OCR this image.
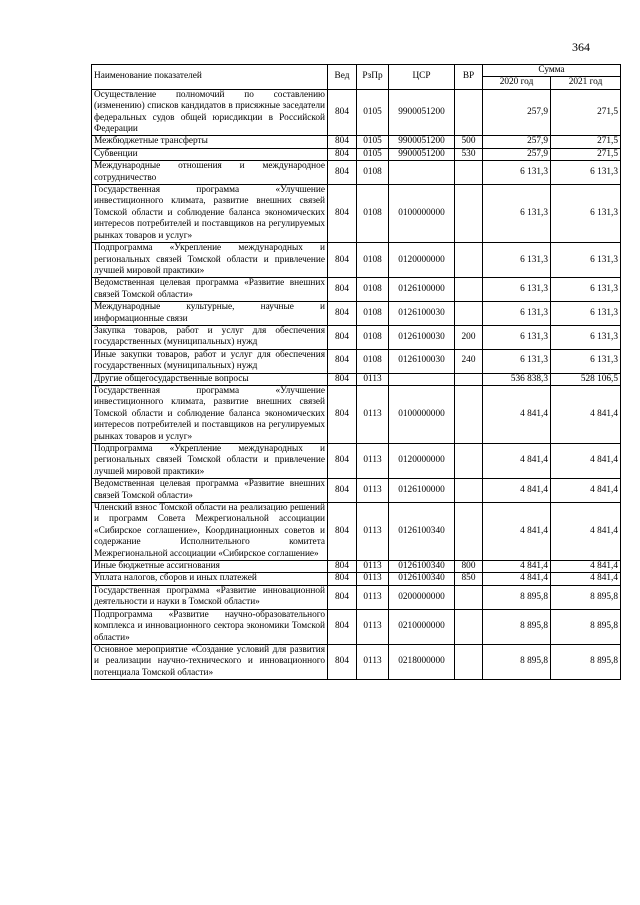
364
Наименование показателей	Вед	РзПр	ЦСР	ВР	Сумма	
					2020 год	2021 год
Осуществление полномочий по составлению (изменению) списков кандидатов в присяжные заседатели федеральных судов общей юрисдикции в Российской Федерации	804	0105	9900051200		257,9	271,5
Межбюджетные трансферты	804	0105	9900051200	500	257,9	271,5
Субвенции	804	0105	9900051200	530	257,9	271,5
Международные отношения и международное сотрудничество	804	0108			6 131,3	6 131,3
Государственная программа «Улучшение инвестиционного климата, развитие внешних связей Томской области и соблюдение баланса экономических интересов потребителей и поставщиков на регулируемых рынках товаров и услуг»	804	0108	0100000000		6 131,3	6 131,3
Подпрограмма «Укрепление международных и региональных связей Томской области и привлечение лучшей мировой практики»	804	0108	0120000000		6 131,3	6 131,3
Ведомственная целевая программа «Развитие внешних связей Томской области»	804	0108	0126100000		6 131,3	6 131,3
Международные культурные, научные и информационные связи	804	0108	0126100030		6 131,3	6 131,3
Закупка товаров, работ и услуг для обеспечения государственных (муниципальных) нужд	804	0108	0126100030	200	6 131,3	6 131,3
Иные закупки товаров, работ и услуг для обеспечения государственных (муниципальных) нужд	804	0108	0126100030	240	6 131,3	6 131,3
Другие общегосударственные вопросы	804	0113			536 838,3	528 106,5
Государственная программа «Улучшение инвестиционного климата, развитие внешних связей Томской области и соблюдение баланса экономических интересов потребителей и поставщиков на регулируемых рынках товаров и услуг»	804	0113	0100000000		4 841,4	4 841,4
Подпрограмма «Укрепление международных и региональных связей Томской области и привлечение лучшей мировой практики»	804	0113	0120000000		4 841,4	4 841,4
Ведомственная целевая программа «Развитие внешних связей Томской области»	804	0113	0126100000		4 841,4	4 841,4
Членский взнос Томской области на реализацию решений и программ Совета Межрегиональной ассоциации «Сибирское соглашение», Координационных советов и содержание Исполнительного комитета Межрегиональной ассоциации «Сибирское соглашение»	804	0113	0126100340		4 841,4	4 841,4
Иные бюджетные ассигнования	804	0113	0126100340	800	4 841,4	4 841,4
Уплата налогов, сборов и иных платежей	804	0113	0126100340	850	4 841,4	4 841,4
Государственная программа «Развитие инновационной деятельности и науки в Томской области»	804	0113	0200000000		8 895,8	8 895,8
Подпрограмма «Развитие научно-образовательного комплекса и инновационного сектора экономики Томской области»	804	0113	0210000000		8 895,8	8 895,8
Основное мероприятие «Создание условий для развития и реализации научно-технического и инновационного потенциала Томской области»	804	0113	0218000000		8 895,8	8 895,8
